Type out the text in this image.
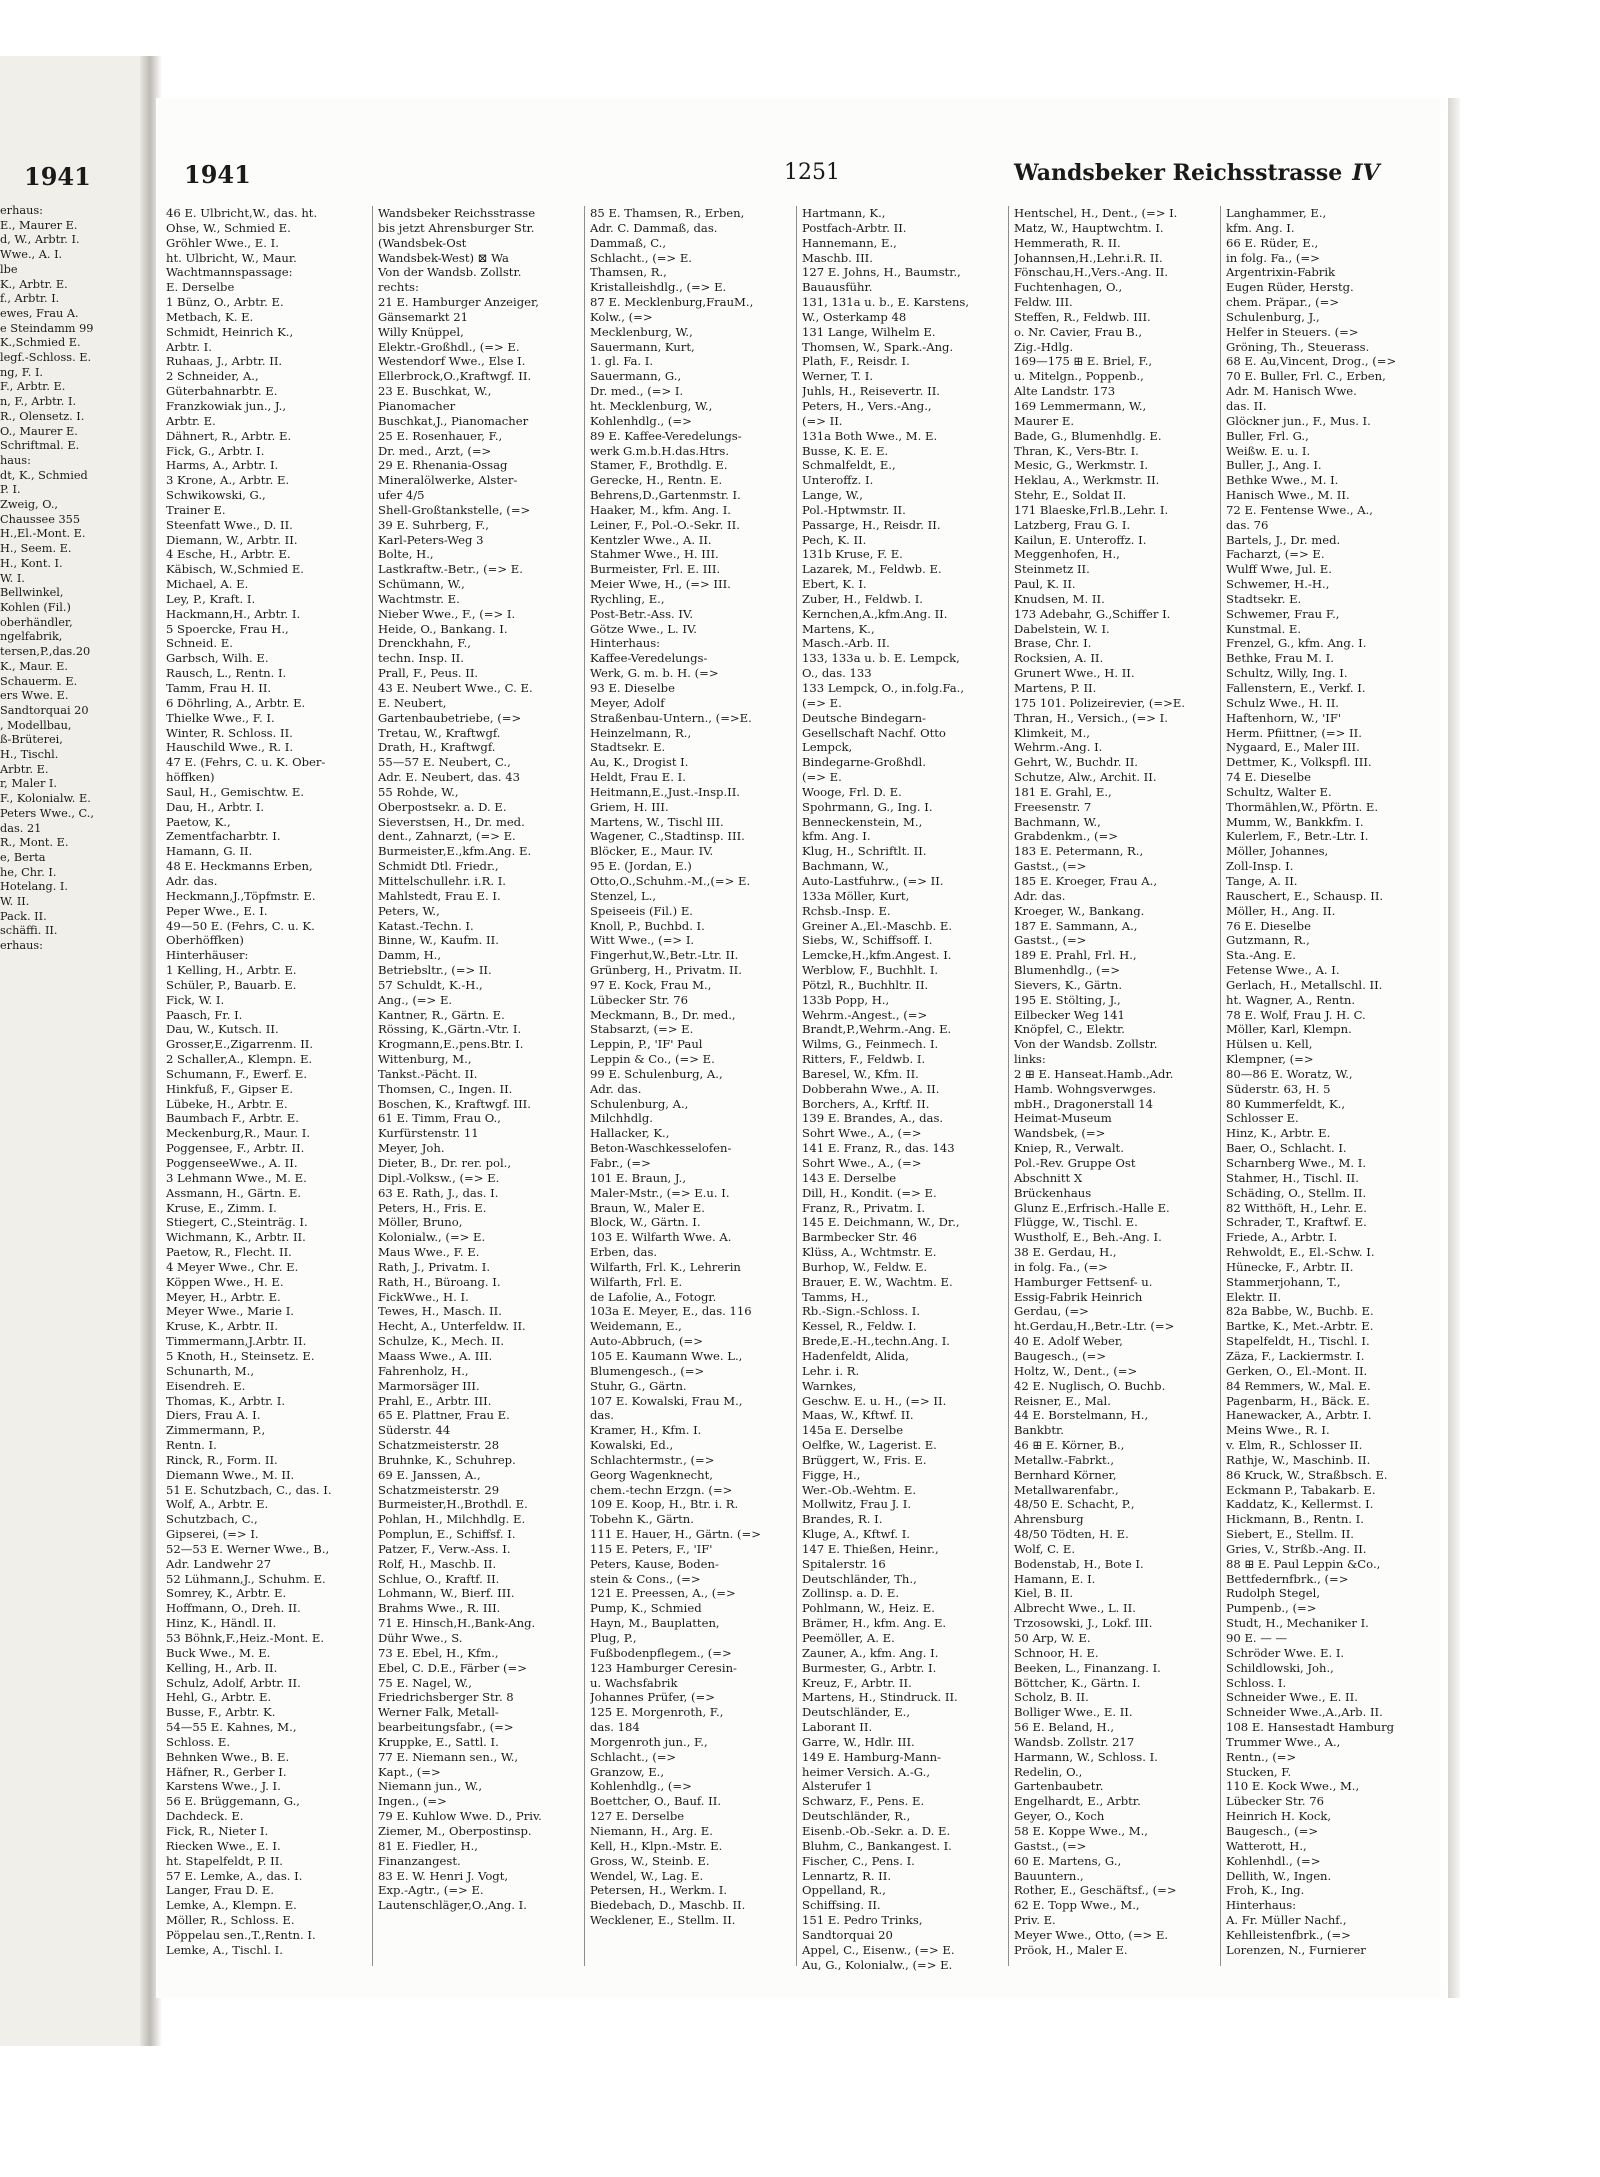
1941
erhaus:
E., Maurer E.
d, W., Arbtr. I.
Wwe., A. I.
lbe
K., Arbtr. E.
f., Arbtr. I.
ewes, Frau A.
e Steindamm 99
K.,Schmied E.
legf.-Schloss. E.
ng, F. I.
F., Arbtr. E.
n, F., Arbtr. I.
R., Olensetz. I.
O., Maurer E.
Schriftmal. E.
haus:
dt, K., Schmied
P. I.
Zweig, O.,
Chaussee 355
H.,El.-Mont. E.
H., Seem. E.
H., Kont. I.
W. I.
Bellwinkel,
Kohlen (Fil.)
oberhändler,
ngelfabrik,
tersen,P.,das.20
K., Maur. E.
Schauerm. E.
ers Wwe. E.
Sandtorquai 20
, Modellbau,
ß-Brüterei,
H., Tischl.
Arbtr. E.
r, Maler I.
F., Kolonialw. E.
Peters Wwe., C.,
das. 21
R., Mont. E.
e, Berta
he, Chr. I.
Hotelang. I.
W. II.
Pack. II.
schäffi. II.
erhaus:
1941	1251	Wandsbeker Reichsstrasse IV
46 E. Ulbricht,W., das. ht.
Ohse, W., Schmied E.
Gröhler Wwe., E. I.
ht. Ulbricht, W., Maur.
Wachtmannspassage:
E. Derselbe
1 Bünz, O., Arbtr. E.
Metbach, K. E.
Schmidt, Heinrich K.,
Arbtr. I.
Ruhaas, J., Arbtr. II.
2 Schneider, A.,
Güterbahnarbtr. E.
Franzkowiak jun., J.,
Arbtr. E.
Dähnert, R., Arbtr. E.
Fick, G., Arbtr. I.
Harms, A., Arbtr. I.
3 Krone, A., Arbtr. E.
Schwikowski, G.,
Trainer E.
Steenfatt Wwe., D. II.
Diemann, W., Arbtr. II.
4 Esche, H., Arbtr. E.
Käbisch, W.,Schmied E.
Michael, A. E.
Ley, P., Kraft. I.
Hackmann,H., Arbtr. I.
5 Spoercke, Frau H.,
Schneid. E.
Garbsch, Wilh. E.
Rausch, L., Rentn. I.
Tamm, Frau H. II.
6 Döhrling, A., Arbtr. E.
Thielke Wwe., F. I.
Winter, R. Schloss. II.
Hauschild Wwe., R. I.
47 E. (Fehrs, C. u. K. Ober-
höffken)
Saul, H., Gemischtw. E.
Dau, H., Arbtr. I.
Paetow, K.,
Zementfacharbtr. I.
Hamann, G. II.
48 E. Heckmanns Erben,
Adr. das.
Heckmann,J.,Töpfmstr. E.
Peper Wwe., E. I.
49—50 E. (Fehrs, C. u. K.
Oberhöffken)
Hinterhäuser:
1 Kelling, H., Arbtr. E.
Schüler, P., Bauarb. E.
Fick, W. I.
Paasch, Fr. I.
Dau, W., Kutsch. II.
Grosser,E.,Zigarrenm. II.
2 Schaller,A., Klempn. E.
Schumann, F., Ewerf. E.
Hinkfuß, F., Gipser E.
Lübeke, H., Arbtr. E.
Baumbach F., Arbtr. E.
Meckenburg,R., Maur. I.
Poggensee, F., Arbtr. II.
PoggenseeWwe., A. II.
3 Lehmann Wwe., M. E.
Assmann, H., Gärtn. E.
Kruse, E., Zimm. I.
Stiegert, C.,Steinträg. I.
Wichmann, K., Arbtr. II.
Paetow, R., Flecht. II.
4 Meyer Wwe., Chr. E.
Köppen Wwe., H. E.
Meyer, H., Arbtr. E.
Meyer Wwe., Marie I.
Kruse, K., Arbtr. II.
Timmermann,J.Arbtr. II.
5 Knoth, H., Steinsetz. E.
Schunarth, M.,
Eisendreh. E.
Thomas, K., Arbtr. I.
Diers, Frau A. I.
Zimmermann, P.,
Rentn. I.
Rinck, R., Form. II.
Diemann Wwe., M. II.
51 E. Schutzbach, C., das. I.
Wolf, A., Arbtr. E.
Schutzbach, C.,
Gipserei, (=> I.
52—53 E. Werner Wwe., B.,
Adr. Landwehr 27
52 Lühmann,J., Schuhm. E.
Somrey, K., Arbtr. E.
Hoffmann, O., Dreh. II.
Hinz, K., Händl. II.
53 Böhnk,F.,Heiz.-Mont. E.
Buck Wwe., M. E.
Kelling, H., Arb. II.
Schulz, Adolf, Arbtr. II.
Hehl, G., Arbtr. E.
Busse, F., Arbtr. K.
54—55 E. Kahnes, M.,
Schloss. E.
Behnken Wwe., B. E.
Häfner, R., Gerber I.
Karstens Wwe., J. I.
56 E. Brüggemann, G.,
Dachdeck. E.
Fick, R., Nieter I.
Riecken Wwe., E. I.
ht. Stapelfeldt, P. II.
57 E. Lemke, A., das. I.
Langer, Frau D. E.
Lemke, A., Klempn. E.
Möller, R., Schloss. E.
Pöppelau sen.,T.,Rentn. I.
Lemke, A., Tischl. I.
Wandsbeker Reichsstrasse
bis jetzt Ahrensburger Str.
(Wandsbek-Ost
Wandsbek-West) ⊠ Wa
Von der Wandsb. Zollstr.
rechts:
21 E. Hamburger Anzeiger,
Gänsemarkt 21
Willy Knüppel,
Elektr.-Großhdl., (=> E.
Westendorf Wwe., Else I.
Ellerbrock,O.,Kraftwgf. II.
23 E. Buschkat, W.,
Pianomacher
Buschkat,J., Pianomacher
25 E. Rosenhauer, F.,
Dr. med., Arzt, (=>
29 E. Rhenania-Ossag
Mineralölwerke, Alster-
ufer 4/5
Shell-Großtankstelle, (=>
39 E. Suhrberg, F.,
Karl-Peters-Weg 3
Bolte, H.,
Lastkraftw.-Betr., (=> E.
Schümann, W.,
Wachtmstr. E.
Nieber Wwe., F., (=> I.
Heide, O., Bankang. I.
Drenckhahn, F.,
techn. Insp. II.
Prall, F., Peus. II.
43 E. Neubert Wwe., C. E.
E. Neubert,
Gartenbaubetriebe, (=>
Tretau, W., Kraftwgf.
Drath, H., Kraftwgf.
55—57 E. Neubert, C.,
Adr. E. Neubert, das. 43
55 Rohde, W.,
Oberpostsekr. a. D. E.
Sieverstsen, H., Dr. med.
dent., Zahnarzt, (=> E.
Burmeister,E.,kfm.Ang. E.
Schmidt Dtl. Friedr.,
Mittelschullehr. i.R. I.
Mahlstedt, Frau E. I.
Peters, W.,
Katast.-Techn. I.
Binne, W., Kaufm. II.
Damm, H.,
Betriebsltr., (=> II.
57 Schuldt, K.-H.,
Ang., (=> E.
Kantner, R., Gärtn. E.
Rössing, K.,Gärtn.-Vtr. I.
Krogmann,E.,pens.Btr. I.
Wittenburg, M.,
Tankst.-Pächt. II.
Thomsen, C., Ingen. II.
Boschen, K., Kraftwgf. III.
61 E. Timm, Frau O.,
Kurfürstenstr. 11
Meyer, Joh.
Dieter, B., Dr. rer. pol.,
Dipl.-Volksw., (=> E.
63 E. Rath, J., das. I.
Peters, H., Fris. E.
Möller, Bruno,
Kolonialw., (=> E.
Maus Wwe., F. E.
Rath, J., Privatm. I.
Rath, H., Büroang. I.
FickWwe., H. I.
Tewes, H., Masch. II.
Hecht, A., Unterfeldw. II.
Schulze, K., Mech. II.
Maass Wwe., A. III.
Fahrenholz, H.,
Marmorsäger III.
Prahl, E., Arbtr. III.
65 E. Plattner, Frau E.
Süderstr. 44
Schatzmeisterstr. 28
Bruhnke, K., Schuhrep.
69 E. Janssen, A.,
Schatzmeisterstr. 29
Burmeister,H.,Brothdl. E.
Pohlan, H., Milchhdlg. E.
Pomplun, E., Schiffsf. I.
Patzer, F., Verw.-Ass. I.
Rolf, H., Maschb. II.
Schlue, O., Kraftf. II.
Lohmann, W., Bierf. III.
Brahms Wwe., R. III.
71 E. Hinsch,H.,Bank-Ang.
Dühr Wwe., S.
73 E. Ebel, H., Kfm.,
Ebel, C. D.E., Färber (=>
75 E. Nagel, W.,
Friedrichsberger Str. 8
Werner Falk, Metall-
bearbeitungsfabr., (=>
Kruppke, E., Sattl. I.
77 E. Niemann sen., W.,
Kapt., (=>
Niemann jun., W.,
Ingen., (=>
79 E. Kuhlow Wwe. D., Priv.
Ziemer, M., Oberpostinsp.
81 E. Fiedler, H.,
Finanzangest.
83 E. W. Henri J. Vogt,
Exp.-Agtr., (=> E.
Lautenschläger,O.,Ang. I.
85 E. Thamsen, R., Erben,
Adr. C. Dammaß, das.
Dammaß, C.,
Schlacht., (=> E.
Thamsen, R.,
Kristalleishdlg., (=> E.
87 E. Mecklenburg,FrauM.,
Kolw., (=>
Mecklenburg, W.,
Sauermann, Kurt,
1. gl. Fa. I.
Sauermann, G.,
Dr. med., (=> I.
ht. Mecklenburg, W.,
Kohlenhdlg., (=>
89 E. Kaffee-Veredelungs-
werk G.m.b.H.das.Htrs.
Stamer, F., Brothdlg. E.
Gerecke, H., Rentn. E.
Behrens,D.,Gartenmstr. I.
Haaker, M., kfm. Ang. I.
Leiner, F., Pol.-O.-Sekr. II.
Kentzler Wwe., A. II.
Stahmer Wwe., H. III.
Burmeister, Frl. E. III.
Meier Wwe, H., (=> III.
Rychling, E.,
Post-Betr.-Ass. IV.
Götze Wwe., L. IV.
Hinterhaus:
Kaffee-Veredelungs-
Werk, G. m. b. H. (=>
93 E. Dieselbe
Meyer, Adolf
Straßenbau-Untern., (=>E.
Heinzelmann, R.,
Stadtsekr. E.
Au, K., Drogist I.
Heldt, Frau E. I.
Heitmann,E.,Just.-Insp.II.
Griem, H. III.
Martens, W., Tischl III.
Wagener, C.,Stadtinsp. III.
Blöcker, E., Maur. IV.
95 E. (Jordan, E.)
Otto,O.,Schuhm.-M.,(=> E.
Stenzel, L.,
Speiseeis (Fil.) E.
Knoll, P., Buchbd. I.
Witt Wwe., (=> I.
Fingerhut,W.,Betr.-Ltr. II.
Grünberg, H., Privatm. II.
97 E. Kock, Frau M.,
Lübecker Str. 76
Meckmann, B., Dr. med.,
Stabsarzt, (=> E.
Leppin, P., 'IF' Paul
Leppin & Co., (=> E.
99 E. Schulenburg, A.,
Adr. das.
Schulenburg, A.,
Milchhdlg.
Hallacker, K.,
Beton-Waschkesselofen-
Fabr., (=>
101 E. Braun, J.,
Maler-Mstr., (=> E.u. I.
Braun, W., Maler E.
Block, W., Gärtn. I.
103 E. Wilfarth Wwe. A.
Erben, das.
Wilfarth, Frl. K., Lehrerin
Wilfarth, Frl. E.
de Lafolie, A., Fotogr.
103a E. Meyer, E., das. 116
Weidemann, E.,
Auto-Abbruch, (=>
105 E. Kaumann Wwe. L.,
Blumengesch., (=>
Stuhr, G., Gärtn.
107 E. Kowalski, Frau M.,
das.
Kramer, H., Kfm. I.
Kowalski, Ed.,
Schlachtermstr., (=>
Georg Wagenknecht,
chem.-techn Erzgn. (=>
109 E. Koop, H., Btr. i. R.
Tobehn K., Gärtn.
111 E. Hauer, H., Gärtn. (=>
115 E. Peters, F., 'IF'
Peters, Kause, Boden-
stein & Cons., (=>
121 E. Preessen, A., (=>
Pump, K., Schmied
Hayn, M., Bauplatten,
Plug, P.,
Fußbodenpflegem., (=>
123 Hamburger Ceresin-
u. Wachsfabrik
Johannes Prüfer, (=>
125 E. Morgenroth, F.,
das. 184
Morgenroth jun., F.,
Schlacht., (=>
Granzow, E.,
Kohlenhdlg., (=>
Boettcher, O., Bauf. II.
127 E. Derselbe
Niemann, H., Arg. E.
Kell, H., Klpn.-Mstr. E.
Gross, W., Steinb. E.
Wendel, W., Lag. E.
Petersen, H., Werkm. I.
Biedebach, D., Maschb. II.
Wecklener, E., Stellm. II.
Hartmann, K.,
Postfach-Arbtr. II.
Hannemann, E.,
Maschb. III.
127 E. Johns, H., Baumstr.,
Bauausführ.
131, 131a u. b., E. Karstens,
W., Osterkamp 48
131 Lange, Wilhelm E.
Thomsen, W., Spark.-Ang.
Plath, F., Reisdr. I.
Werner, T. I.
Juhls, H., Reisevertr. II.
Peters, H., Vers.-Ang.,
(=> II.
131a Both Wwe., M. E.
Busse, K. E. E.
Schmalfeldt, E.,
Unteroffz. I.
Lange, W.,
Pol.-Hptwmstr. II.
Passarge, H., Reisdr. II.
Pech, K. II.
131b Kruse, F. E.
Lazarek, M., Feldwb. E.
Ebert, K. I.
Zuber, H., Feldwb. I.
Kernchen,A.,kfm.Ang. II.
Martens, K.,
Masch.-Arb. II.
133, 133a u. b. E. Lempck,
O., das. 133
133 Lempck, O., in.folg.Fa.,
(=> E.
Deutsche Bindegarn-
Gesellschaft Nachf. Otto
Lempck,
Bindegarne-Großhdl.
(=> E.
Wooge, Frl. D. E.
Spohrmann, G., Ing. I.
Benneckenstein, M.,
kfm. Ang. I.
Klug, H., Schriftlt. II.
Bachmann, W.,
Auto-Lastfuhrw., (=> II.
133a Möller, Kurt,
Rchsb.-Insp. E.
Greiner A.,El.-Maschb. E.
Siebs, W., Schiffsoff. I.
Lemcke,H.,kfm.Angest. I.
Werblow, F., Buchhlt. I.
Pötzl, R., Buchhltr. II.
133b Popp, H.,
Wehrm.-Angest., (=>
Brandt,P.,Wehrm.-Ang. E.
Wilms, G., Feinmech. I.
Ritters, F., Feldwb. I.
Baresel, W., Kfm. II.
Dobberahn Wwe., A. II.
Borchers, A., Krftf. II.
139 E. Brandes, A., das.
Sohrt Wwe., A., (=>
141 E. Franz, R., das. 143
Sohrt Wwe., A., (=>
143 E. Derselbe
Dill, H., Kondit. (=> E.
Franz, R., Privatm. I.
145 E. Deichmann, W., Dr.,
Barmbecker Str. 46
Klüss, A., Wchtmstr. E.
Burhop, W., Feldw. E.
Brauer, E. W., Wachtm. E.
Tamms, H.,
Rb.-Sign.-Schloss. I.
Kessel, R., Feldw. I.
Brede,E.-H.,techn.Ang. I.
Hadenfeldt, Alida,
Lehr. i. R.
Warnkes,
Geschw. E. u. H., (=> II.
Maas, W., Kftwf. II.
145a E. Derselbe
Oelfke, W., Lagerist. E.
Brüggert, W., Fris. E.
Figge, H.,
Wer.-Ob.-Wehtm. E.
Mollwitz, Frau J. I.
Brandes, R. I.
Kluge, A., Kftwf. I.
147 E. Thießen, Heinr.,
Spitalerstr. 16
Deutschländer, Th.,
Zollinsp. a. D. E.
Pohlmann, W., Heiz. E.
Brämer, H., kfm. Ang. E.
Peemöller, A. E.
Zauner, A., kfm. Ang. I.
Burmester, G., Arbtr. I.
Kreuz, F., Arbtr. II.
Martens, H., Stindruck. II.
Deutschländer, E.,
Laborant II.
Garre, W., Hdlr. III.
149 E. Hamburg-Mann-
heimer Versich. A.-G.,
Alsterufer 1
Schwarz, F., Pens. E.
Deutschländer, R.,
Eisenb.-Ob.-Sekr. a. D. E.
Bluhm, C., Bankangest. I.
Fischer, C., Pens. I.
Lennartz, R. II.
Oppelland, R.,
Schiffsing. II.
151 E. Pedro Trinks,
Sandtorquai 20
Appel, C., Eisenw., (=> E.
Au, G., Kolonialw., (=> E.
Hentschel, H., Dent., (=> I.
Matz, W., Hauptwchtm. I.
Hemmerath, R. II.
Johannsen,H.,Lehr.i.R. II.
Fönschau,H.,Vers.-Ang. II.
Fuchtenhagen, O.,
Feldw. III.
Steffen, R., Feldwb. III.
o. Nr. Cavier, Frau B.,
Zig.-Hdlg.
169—175 ⊞ E. Briel, F.,
u. Mitelgn., Poppenb.,
Alte Landstr. 173
169 Lemmermann, W.,
Maurer E.
Bade, G., Blumenhdlg. E.
Thran, K., Vers-Btr. I.
Mesic, G., Werkmstr. I.
Heklau, A., Werkmstr. II.
Stehr, E., Soldat II.
171 Blaeske,Frl.B.,Lehr. I.
Latzberg, Frau G. I.
Kailun, E. Unteroffz. I.
Meggenhofen, H.,
Steinmetz II.
Paul, K. II.
Knudsen, M. II.
173 Adebahr, G.,Schiffer I.
Dabelstein, W. I.
Brase, Chr. I.
Rocksien, A. II.
Grunert Wwe., H. II.
Martens, P. II.
175 101. Polizeirevier, (=>E.
Thran, H., Versich., (=> I.
Klimkeit, M.,
Wehrm.-Ang. I.
Gehrt, W., Buchdr. II.
Schutze, Alw., Archit. II.
181 E. Grahl, E.,
Freesenstr. 7
Bachmann, W.,
Grabdenkm., (=>
183 E. Petermann, R.,
Gastst., (=>
185 E. Kroeger, Frau A.,
Adr. das.
Kroeger, W., Bankang.
187 E. Sammann, A.,
Gastst., (=>
189 E. Prahl, Frl. H.,
Blumenhdlg., (=>
Sievers, K., Gärtn.
195 E. Stölting, J.,
Eilbecker Weg 141
Knöpfel, C., Elektr.
Von der Wandsb. Zollstr.
links:
2 ⊞ E. Hanseat.Hamb.,Adr.
Hamb. Wohngsverwges.
mbH., Dragonerstall 14
Heimat-Museum
Wandsbek, (=>
Kniep, R., Verwalt.
Pol.-Rev. Gruppe Ost
Abschnitt X
Brückenhaus
Glunz E.,Erfrisch.-Halle E.
Flügge, W., Tischl. E.
Wustholf, E., Beh.-Ang. I.
38 E. Gerdau, H.,
in folg. Fa., (=>
Hamburger Fettsenf- u.
Essig-Fabrik Heinrich
Gerdau, (=>
ht.Gerdau,H.,Betr.-Ltr. (=>
40 E. Adolf Weber,
Baugesch., (=>
Holtz, W., Dent., (=>
42 E. Nuglisch, O. Buchb.
Reisner, E., Mal.
44 E. Borstelmann, H.,
Bankbtr.
46 ⊞ E. Körner, B.,
Metallw.-Fabrkt.,
Bernhard Körner,
Metallwarenfabr.,
48/50 E. Schacht, P.,
Ahrensburg
48/50 Tödten, H. E.
Wolf, C. E.
Bodenstab, H., Bote I.
Hamann, E. I.
Kiel, B. II.
Albrecht Wwe., L. II.
Trzosowski, J., Lokf. III.
50 Arp, W. E.
Schnoor, H. E.
Beeken, L., Finanzang. I.
Böttcher, K., Gärtn. I.
Scholz, B. II.
Bolliger Wwe., E. II.
56 E. Beland, H.,
Wandsb. Zollstr. 217
Harmann, W., Schloss. I.
Redelin, O.,
Gartenbaubetr.
Engelhardt, E., Arbtr.
Geyer, O., Koch
58 E. Koppe Wwe., M.,
Gastst., (=>
60 E. Martens, G.,
Bauuntern.,
Rother, E., Geschäftsf., (=>
62 E. Topp Wwe., M.,
Priv. E.
Meyer Wwe., Otto, (=> E.
Pröok, H., Maler E.
Langhammer, E.,
kfm. Ang. I.
66 E. Rüder, E.,
in folg. Fa., (=>
Argentrixin-Fabrik
Eugen Rüder, Herstg.
chem. Präpar., (=>
Schulenburg, J.,
Helfer in Steuers. (=>
Gröning, Th., Steuerass.
68 E. Au,Vincent, Drog., (=>
70 E. Buller, Frl. C., Erben,
Adr. M. Hanisch Wwe.
das. II.
Glöckner jun., F., Mus. I.
Buller, Frl. G.,
Weißw. E. u. I.
Buller, J., Ang. I.
Bethke Wwe., M. I.
Hanisch Wwe., M. II.
72 E. Fentense Wwe., A.,
das. 76
Bartels, J., Dr. med.
Facharzt, (=> E.
Wulff Wwe, Jul. E.
Schwemer, H.-H.,
Stadtsekr. E.
Schwemer, Frau F.,
Kunstmal. E.
Frenzel, G., kfm. Ang. I.
Bethke, Frau M. I.
Schultz, Willy, Ing. I.
Fallenstern, E., Verkf. I.
Schulz Wwe., H. II.
Haftenhorn, W., 'IF'
Herm. Pfiittner, (=> II.
Nygaard, E., Maler III.
Dettmer, K., Volkspfl. III.
74 E. Dieselbe
Schultz, Walter E.
Thormählen,W., Pförtn. E.
Mumm, W., Bankkfm. I.
Kulerlem, F., Betr.-Ltr. I.
Möller, Johannes,
Zoll-Insp. I.
Tange, A. II.
Rauschert, E., Schausp. II.
Möller, H., Ang. II.
76 E. Dieselbe
Gutzmann, R.,
Sta.-Ang. E.
Fetense Wwe., A. I.
Gerlach, H., Metallschl. II.
ht. Wagner, A., Rentn.
78 E. Wolf, Frau J. H. C.
Möller, Karl, Klempn.
Hülsen u. Kell,
Klempner, (=>
80—86 E. Woratz, W.,
Süderstr. 63, H. 5
80 Kummerfeldt, K.,
Schlosser E.
Hinz, K., Arbtr. E.
Baer, O., Schlacht. I.
Scharnberg Wwe., M. I.
Stahmer, H., Tischl. II.
Schäding, O., Stellm. II.
82 Witthöft, H., Lehr. E.
Schrader, T., Kraftwf. E.
Friede, A., Arbtr. I.
Rehwoldt, E., El.-Schw. I.
Hünecke, F., Arbtr. II.
Stammerjohann, T.,
Elektr. II.
82a Babbe, W., Buchb. E.
Bartke, K., Met.-Arbtr. E.
Stapelfeldt, H., Tischl. I.
Zäza, F., Lackiermstr. I.
Gerken, O., El.-Mont. II.
84 Remmers, W., Mal. E.
Pagenbarm, H., Bäck. E.
Hanewacker, A., Arbtr. I.
Meins Wwe., R. I.
v. Elm, R., Schlosser II.
Rathje, W., Maschinb. II.
86 Kruck, W., Straßbsch. E.
Eckmann P., Tabakarb. E.
Kaddatz, K., Kellermst. I.
Hickmann, B., Rentn. I.
Siebert, E., Stellm. II.
Gries, V., Strßb.-Ang. II.
88 ⊞ E. Paul Leppin &Co.,
Bettfedernfbrk., (=>
Rudolph Stegel,
Pumpenb., (=>
Studt, H., Mechaniker I.
90 E. — —
Schröder Wwe. E. I.
Schildlowski, Joh.,
Schloss. I.
Schneider Wwe., E. II.
Schneider Wwe.,A.,Arb. II.
108 E. Hansestadt Hamburg
Trummer Wwe., A.,
Rentn., (=>
Stucken, F.
110 E. Kock Wwe., M.,
Lübecker Str. 76
Heinrich H. Kock,
Baugesch., (=>
Watterott, H.,
Kohlenhdl., (=>
Dellith, W., Ingen.
Froh, K., Ing.
Hinterhaus:
A. Fr. Müller Nachf.,
Kehlleistenfbrk., (=>
Lorenzen, N., Furnierer
